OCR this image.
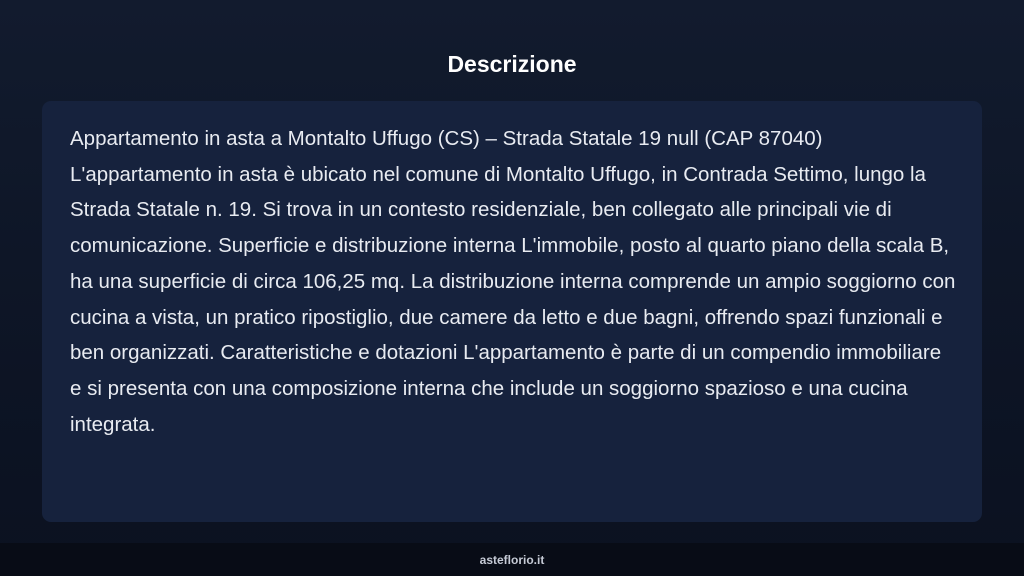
Descrizione

Appartamento in asta a Montalto Uffugo (CS) – Strada Statale 19 null (CAP 87040) L'appartamento in asta è ubicato nel comune di Montalto Uffugo, in Contrada Settimo, lungo la Strada Statale n. 19. Si trova in un contesto residenziale, ben collegato alle principali vie di comunicazione. Superficie e distribuzione interna L'immobile, posto al quarto piano della scala B, ha una superficie di circa 106,25 mq. La distribuzione interna comprende un ampio soggiorno con cucina a vista, un pratico ripostiglio, due camere da letto e due bagni, offrendo spazi funzionali e ben organizzati. Caratteristiche e dotazioni L'appartamento è parte di un compendio immobiliare e si presenta con una composizione interna che include un soggiorno spazioso e una cucina integrata.

asteflorio.it
